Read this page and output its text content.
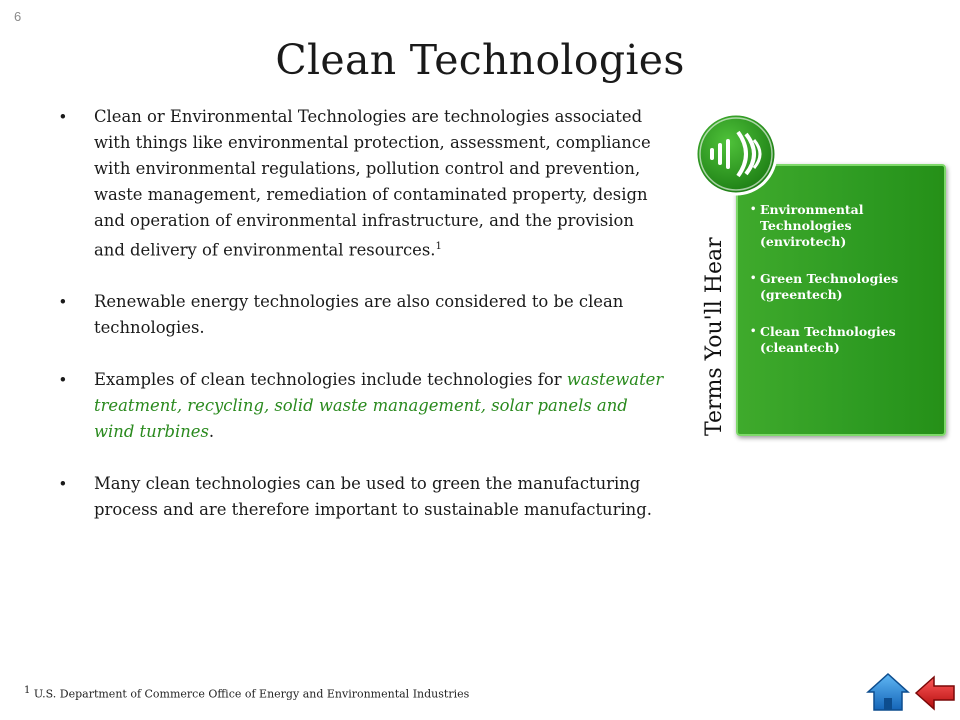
6
Clean Technologies
• Clean or Environmental Technologies are technologies associated with things like environmental protection, assessment, compliance with environmental regulations, pollution control and prevention, waste management, remediation of contaminated property, design and operation of environmental infrastructure, and the provision and delivery of environmental resources.$^1$
• Renewable energy technologies are also considered to be clean technologies.
• Examples of clean technologies include technologies for wastewater treatment, recycling, solid waste management, solar panels and wind turbines.
• Many clean technologies can be used to green the manufacturing process and are therefore important to sustainable manufacturing.
Terms You'll Hear
• Environmental Technologies (envirotech)
• Green Technologies (greentech)
• Clean Technologies (cleantech)
$^1$ U.S. Department of Commerce Office of Energy and Environmental Industries
